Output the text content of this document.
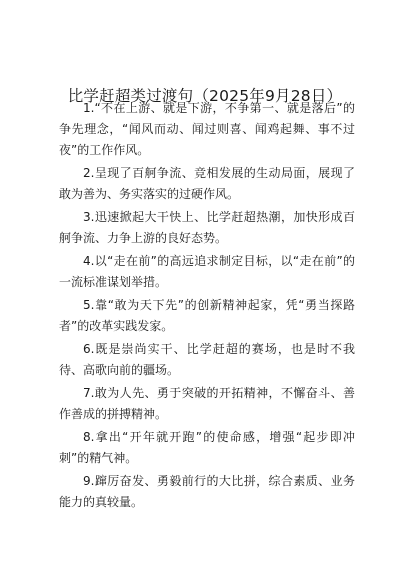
比学赶超类过渡句（2025年9月28日）
1.“不在上游、就是下游，不争第一、就是落后”的争先理念，“闻风而动、闻过则喜、闻鸡起舞、事不过夜”的工作作风。
2.呈现了百舸争流、竞相发展的生动局面，展现了敢为善为、务实落实的过硬作风。
3.迅速掀起大干快上、比学赶超热潮，加快形成百舸争流、力争上游的良好态势。
4.以“走在前”的高远追求制定目标，以“走在前”的一流标准谋划举措。
5.靠“敢为天下先”的创新精神起家，凭“勇当探路者”的改革实践发家。
6.既是崇尚实干、比学赶超的赛场，也是时不我待、高歌向前的疆场。
7.敢为人先、勇于突破的开拓精神，不懈奋斗、善作善成的拼搏精神。
8.拿出“开年就开跑”的使命感，增强“起步即冲刺”的精气神。
9.蹿厉奋发、勇毅前行的大比拼，综合素质、业务能力的真较量。
